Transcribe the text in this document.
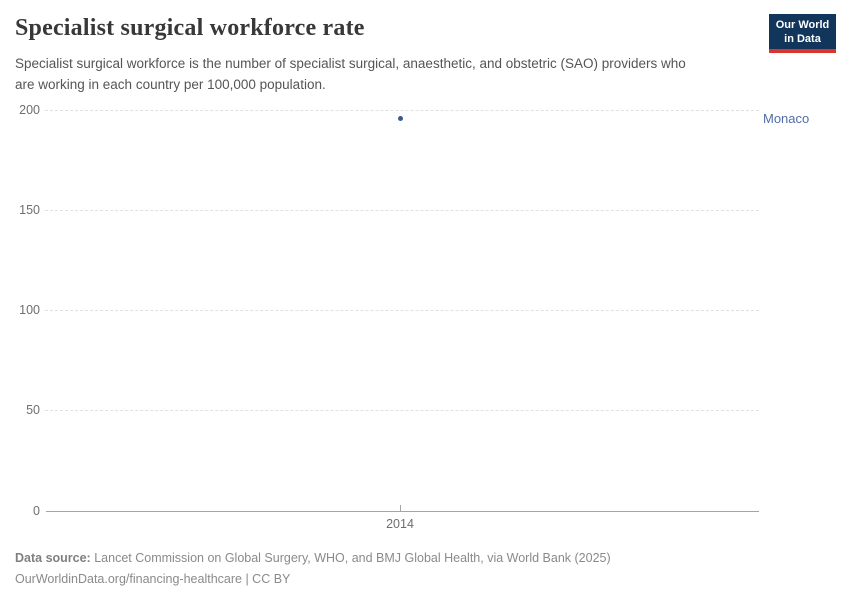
Specialist surgical workforce rate

Specialist surgical workforce is the number of specialist surgical, anaesthetic, and obstetric (SAO) providers who are working in each country per 100,000 population.

Our World
in Data
200
150
100
50
0
2014
Monaco
Data source: Lancet Commission on Global Surgery, WHO, and BMJ Global Health, via World Bank (2025)
OurWorldinData.org/financing-healthcare | CC BY
